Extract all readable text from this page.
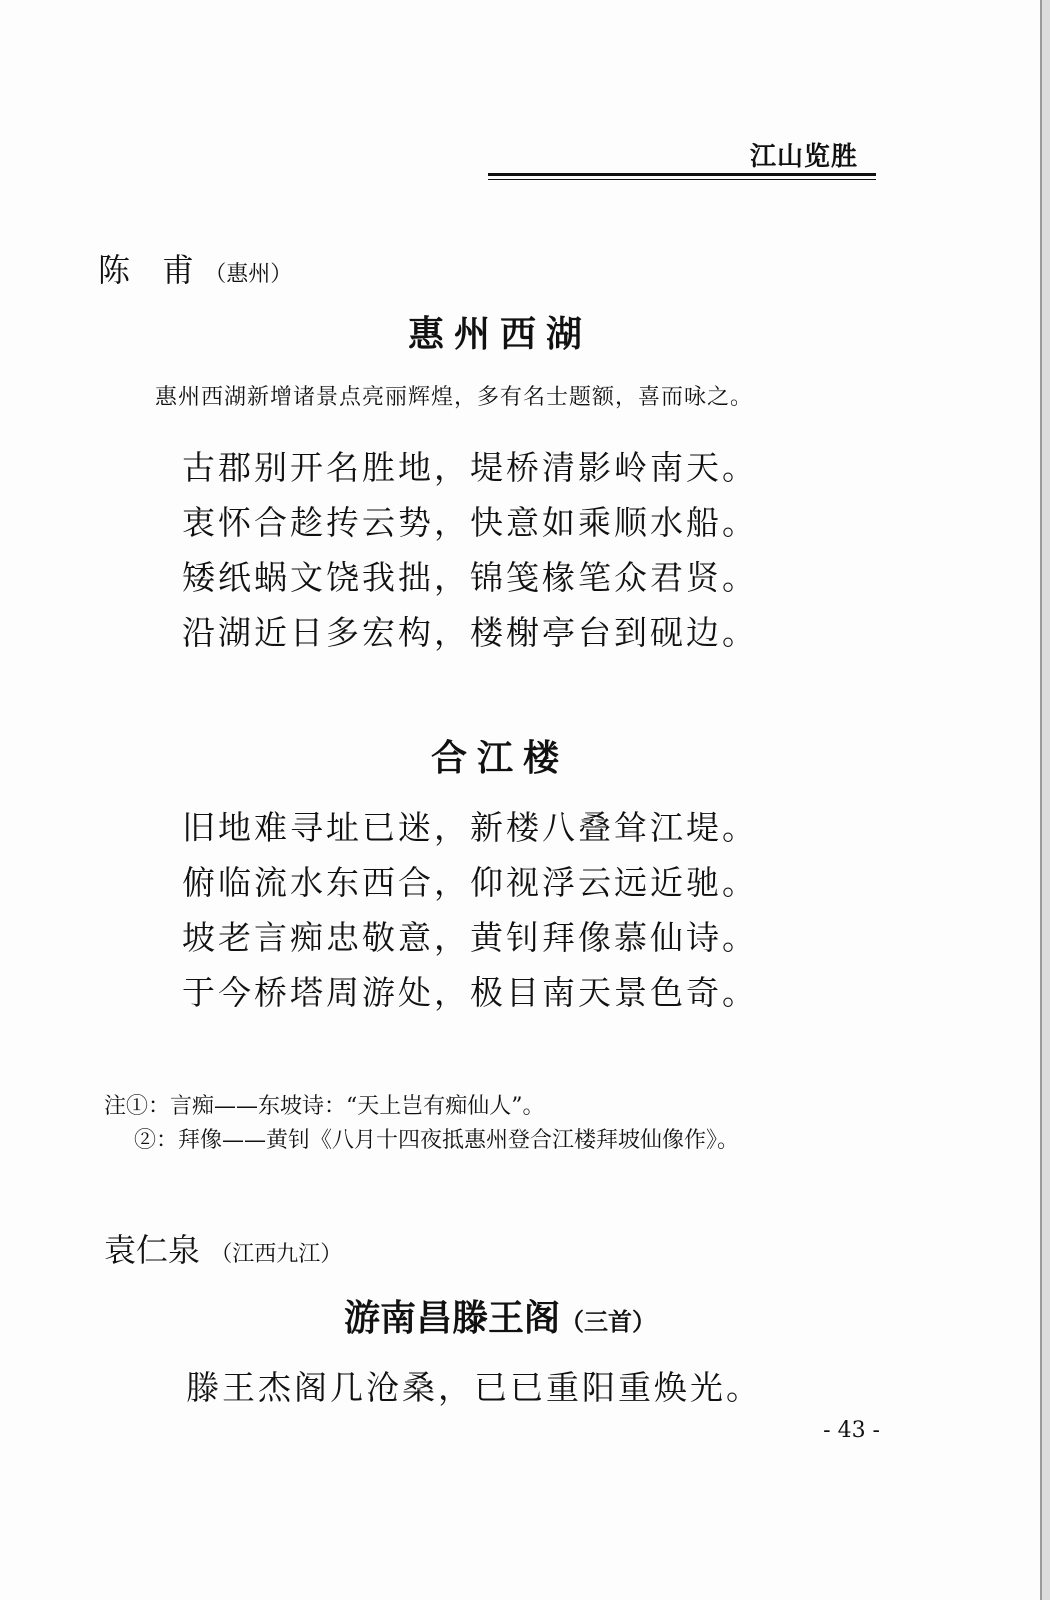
江山览胜
陈　甫 （惠州）
惠州西湖
惠州西湖新增诸景点亮丽辉煌，多有名士题额，喜而咏之。
古郡别开名胜地，堤桥清影岭南天。
衷怀合趁抟云势，快意如乘顺水船。
矮纸蜗文饶我拙，锦笺椽笔众君贤。
沿湖近日多宏构，楼榭亭台到砚边。
合江楼
旧地难寻址已迷，新楼八叠耸江堤。
俯临流水东西合，仰视浮云远近驰。
坡老言痴忠敬意，黄钊拜像慕仙诗。
于今桥塔周游处，极目南天景色奇。
注①：言痴——东坡诗：“天上岂有痴仙人”。
②：拜像——黄钊《八月十四夜抵惠州登合江楼拜坡仙像作》。
袁仁泉 （江西九江）
游南昌滕王阁（三首）
滕王杰阁几沧桑，已已重阳重焕光。
- 43 -
